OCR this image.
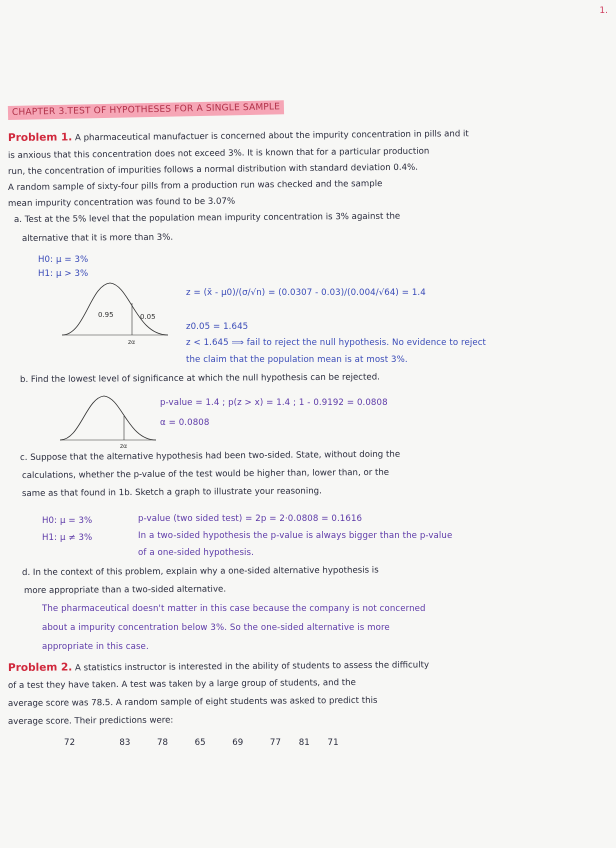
1.
CHAPTER 3.TEST OF HYPOTHESES FOR A SINGLE SAMPLE
Problem 1. A pharmaceutical manufactuer is concerned about the impurity concentration in pills and it
is anxious that this concentration does not exceed 3%. It is known that for a particular production
run, the concentration of impurities follows a normal distribution with standard deviation 0.4%.
A random sample of sixty-four pills from a production run was checked and the sample
mean impurity concentration was found to be 3.07%
a. Test at the 5% level that the population mean impurity concentration is 3% against the
alternative that it is more than 3%.
H0: μ = 3%
H1: μ > 3%
0.95	0.05
zα
z = (x̄ - μ0)/(σ/√n) = (0.0307 - 0.03)/(0.004/√64) = 1.4
z0.05 = 1.645
z < 1.645 ⟹ fail to reject the null hypothesis. No evidence to reject
the claim that the population mean is at most 3%.
b. Find the lowest level of significance at which the null hypothesis can be rejected.
zα
p-value = 1.4 ; p(z > x) = 1.4 ; 1 - 0.9192 = 0.0808
α = 0.0808
c. Suppose that the alternative hypothesis had been two-sided. State, without doing the
calculations, whether the p-value of the test would be higher than, lower than, or the
same as that found in 1b. Sketch a graph to illustrate your reasoning.
H0: μ = 3%
H1: μ ≠ 3%
p-value (two sided test) = 2p = 2·0.0808 = 0.1616
In a two-sided hypothesis the p-value is always bigger than the p-value
of a one-sided hypothesis.
d. In the context of this problem, explain why a one-sided alternative hypothesis is
more appropriate than a two-sided alternative.
The pharmaceutical doesn't matter in this case because the company is not concerned
about a impurity concentration below 3%. So the one-sided alternative is more
appropriate in this case.
Problem 2. A statistics instructor is interested in the ability of students to assess the difficulty
of a test they have taken. A test was taken by a large group of students, and the
average score was 78.5. A random sample of eight students was asked to predict this
average score. Their predictions were:
72	83	78	65	69	77 81 71
